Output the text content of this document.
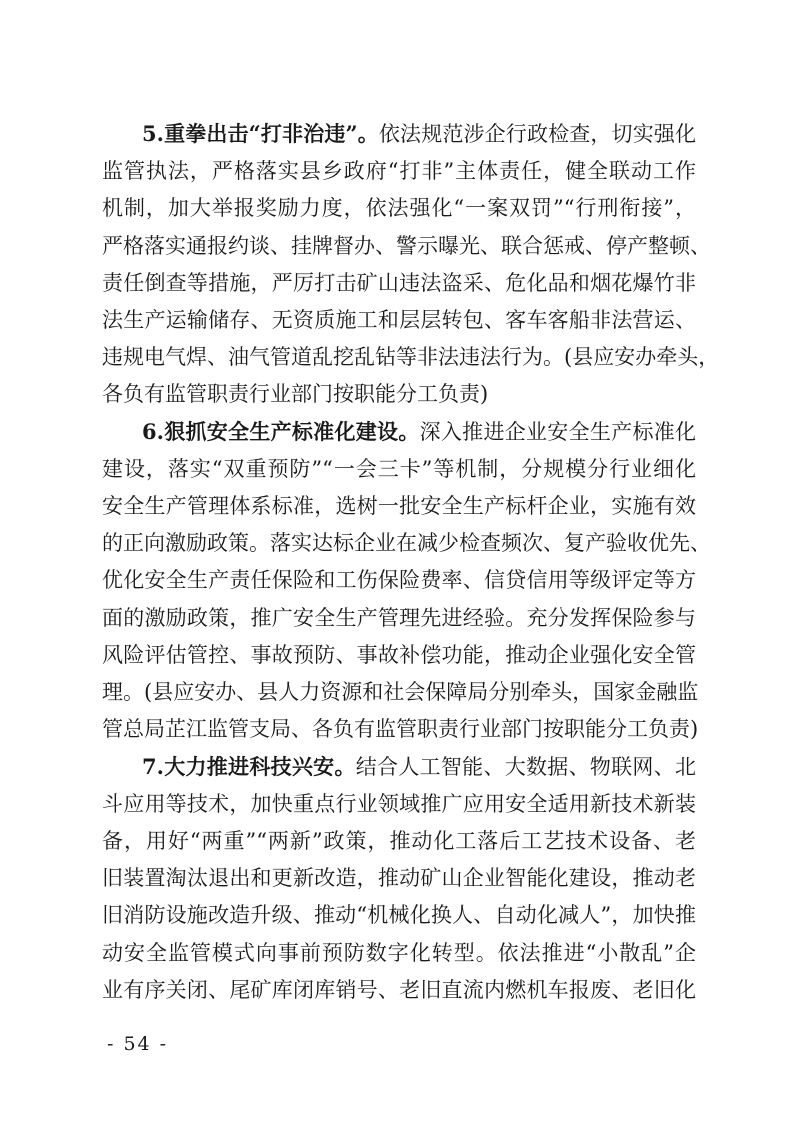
5.重拳出击“打非治违”。依法规范涉企行政检查，切实强化
监管执法，严格落实县乡政府“打非”主体责任，健全联动工作
机制，加大举报奖励力度，依法强化“一案双罚”“行刑衔接”，
严格落实通报约谈、挂牌督办、警示曝光、联合惩戒、停产整顿、
责任倒查等措施，严厉打击矿山违法盗采、危化品和烟花爆竹非
法生产运输储存、无资质施工和层层转包、客车客船非法营运、
违规电气焊、油气管道乱挖乱钻等非法违法行为。(县应安办牵头，
各负有监管职责行业部门按职能分工负责)
6.狠抓安全生产标准化建设。深入推进企业安全生产标准化
建设，落实“双重预防”“一会三卡”等机制，分规模分行业细化
安全生产管理体系标准，选树一批安全生产标杆企业，实施有效
的正向激励政策。落实达标企业在减少检查频次、复产验收优先、
优化安全生产责任保险和工伤保险费率、信贷信用等级评定等方
面的激励政策，推广安全生产管理先进经验。充分发挥保险参与
风险评估管控、事故预防、事故补偿功能，推动企业强化安全管
理。(县应安办、县人力资源和社会保障局分别牵头，国家金融监
管总局芷江监管支局、各负有监管职责行业部门按职能分工负责)
7.大力推进科技兴安。结合人工智能、大数据、物联网、北
斗应用等技术，加快重点行业领域推广应用安全适用新技术新装
备，用好“两重”“两新”政策，推动化工落后工艺技术设备、老
旧装置淘汰退出和更新改造，推动矿山企业智能化建设，推动老
旧消防设施改造升级、推动“机械化换人、自动化减人”，加快推
动安全监管模式向事前预防数字化转型。依法推进“小散乱”企
业有序关闭、尾矿库闭库销号、老旧直流内燃机车报废、老旧化
- 54 -
